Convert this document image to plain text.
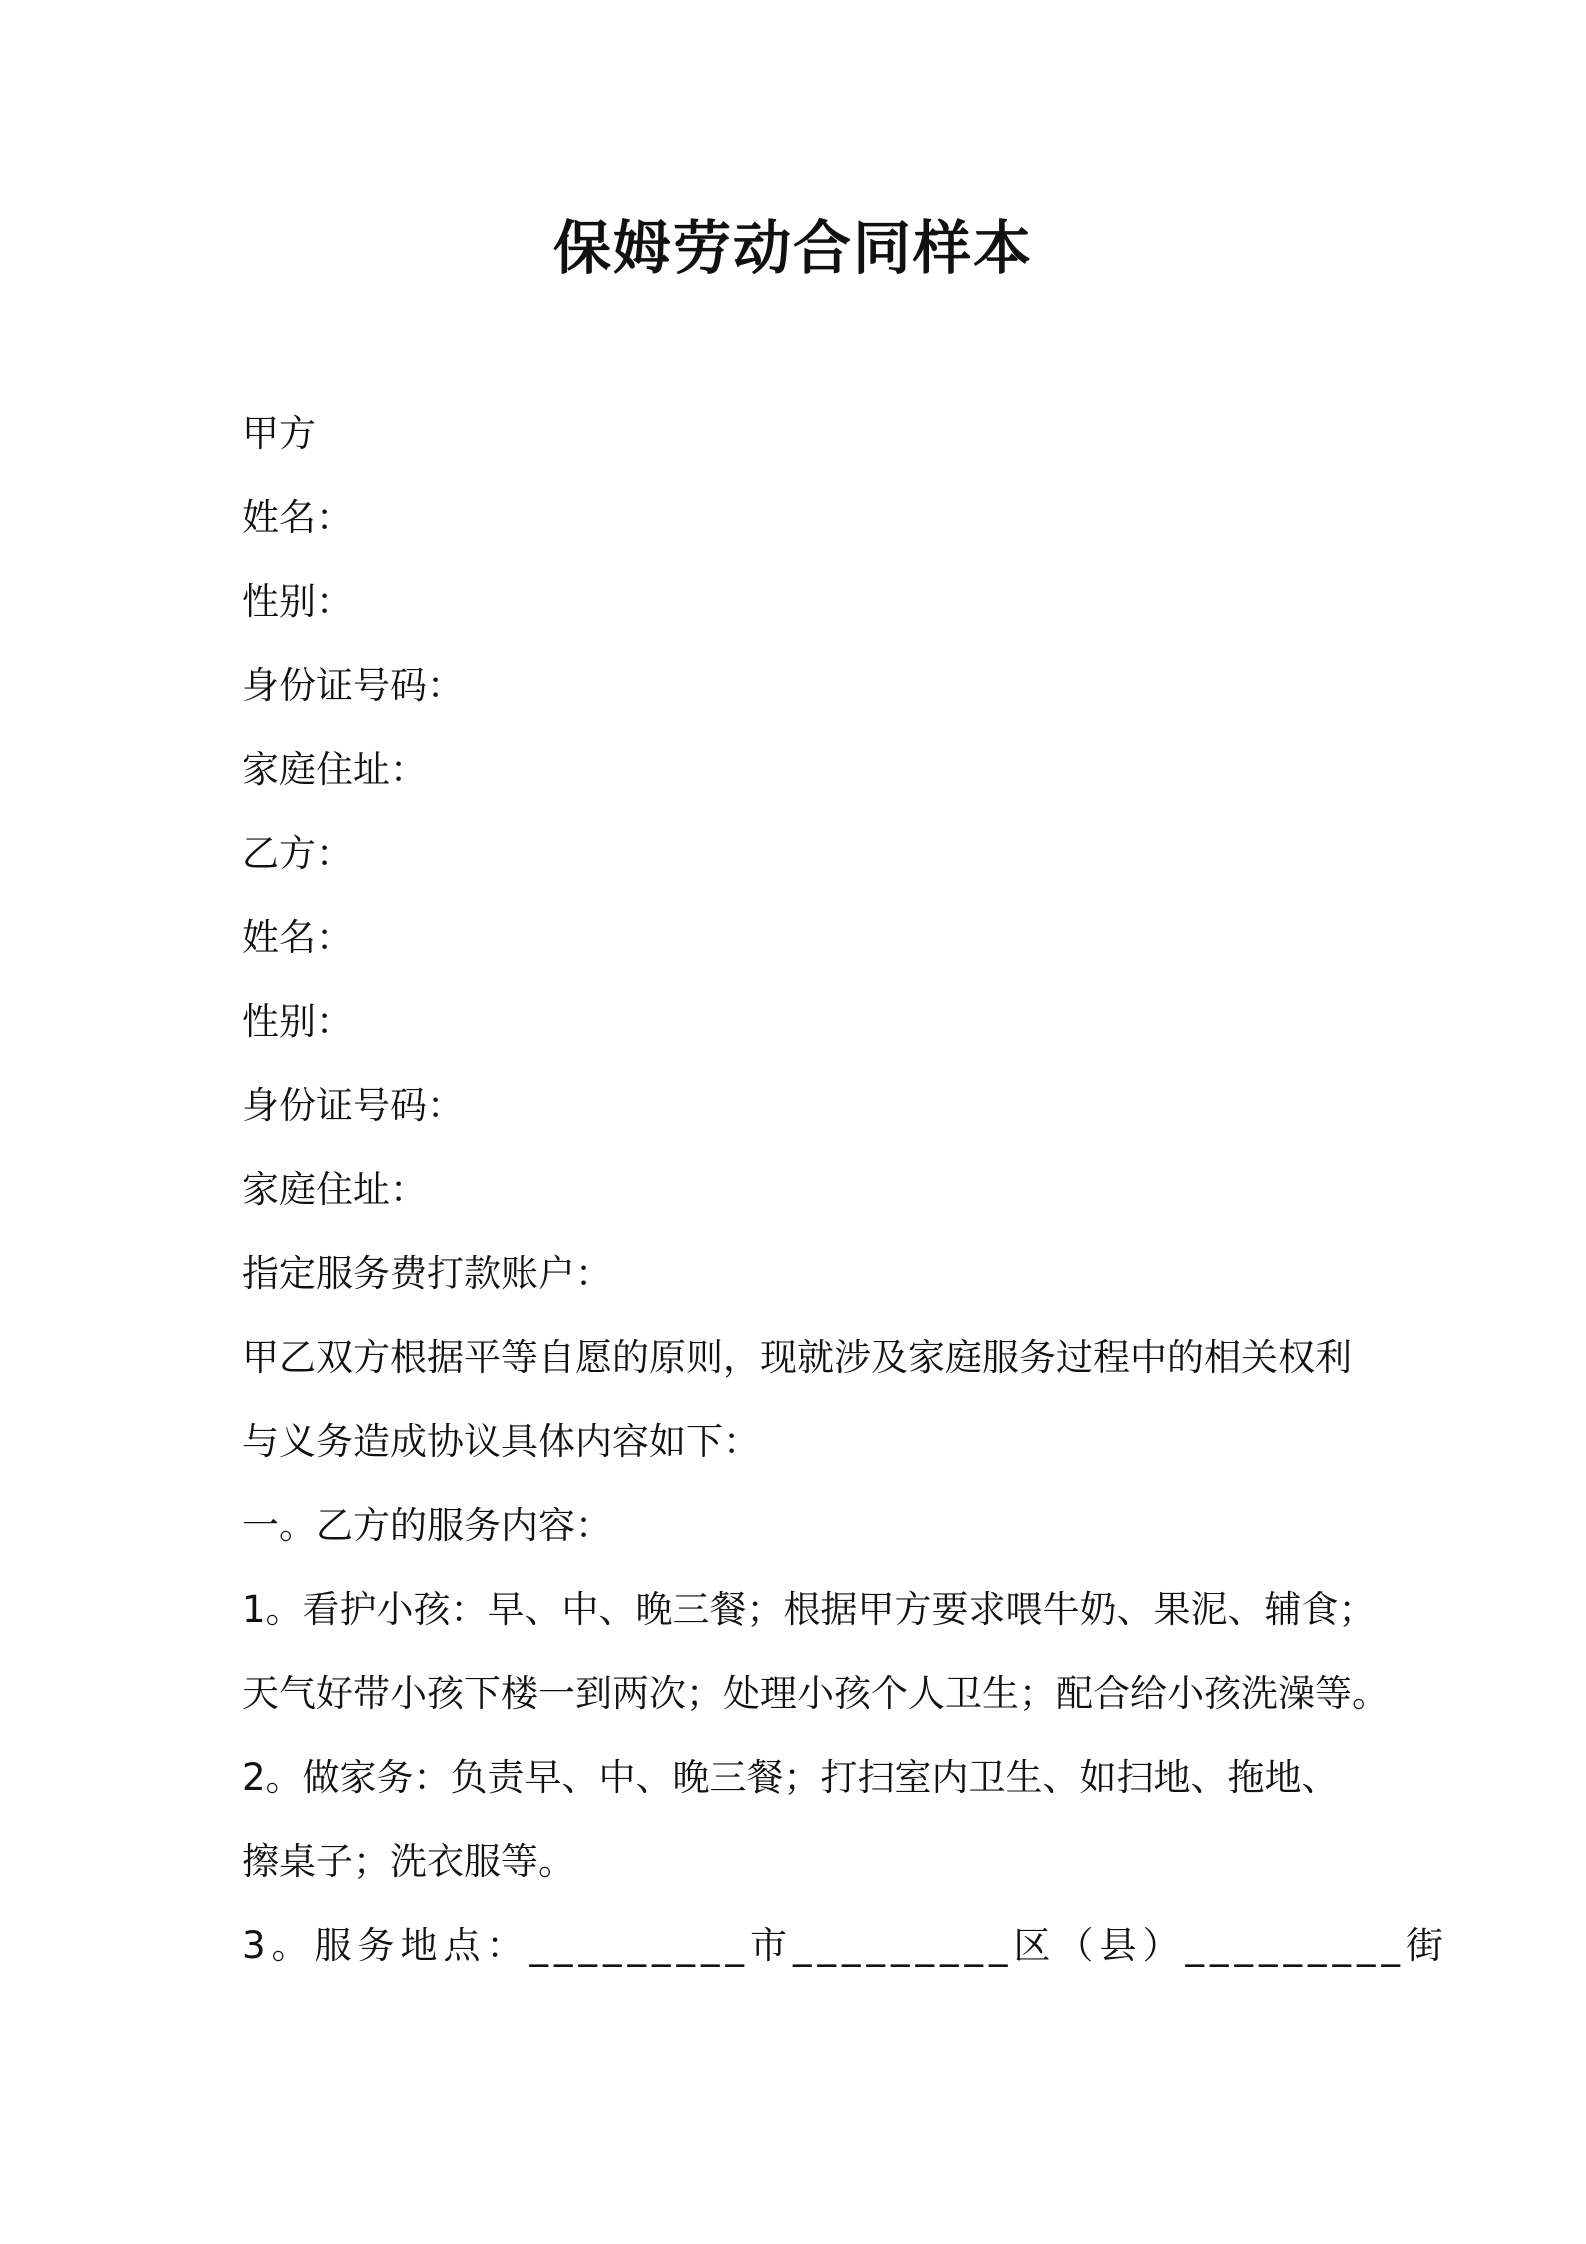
保姆劳动合同样本
甲方
姓名：
性别：
身份证号码：
家庭住址：
乙方：
姓名：
性别：
身份证号码：
家庭住址：
指定服务费打款账户：
甲乙双方根据平等自愿的原则，现就涉及家庭服务过程中的相关权利
与义务造成协议具体内容如下：
一。乙方的服务内容：
1。看护小孩：早、中、晚三餐；根据甲方要求喂牛奶、果泥、辅食；
天气好带小孩下楼一到两次；处理小孩个人卫生；配合给小孩洗澡等。
2。做家务：负责早、中、晚三餐；打扫室内卫生、如扫地、拖地、
擦桌子；洗衣服等。
3。服务地点：_________市_________区（县）_________街
